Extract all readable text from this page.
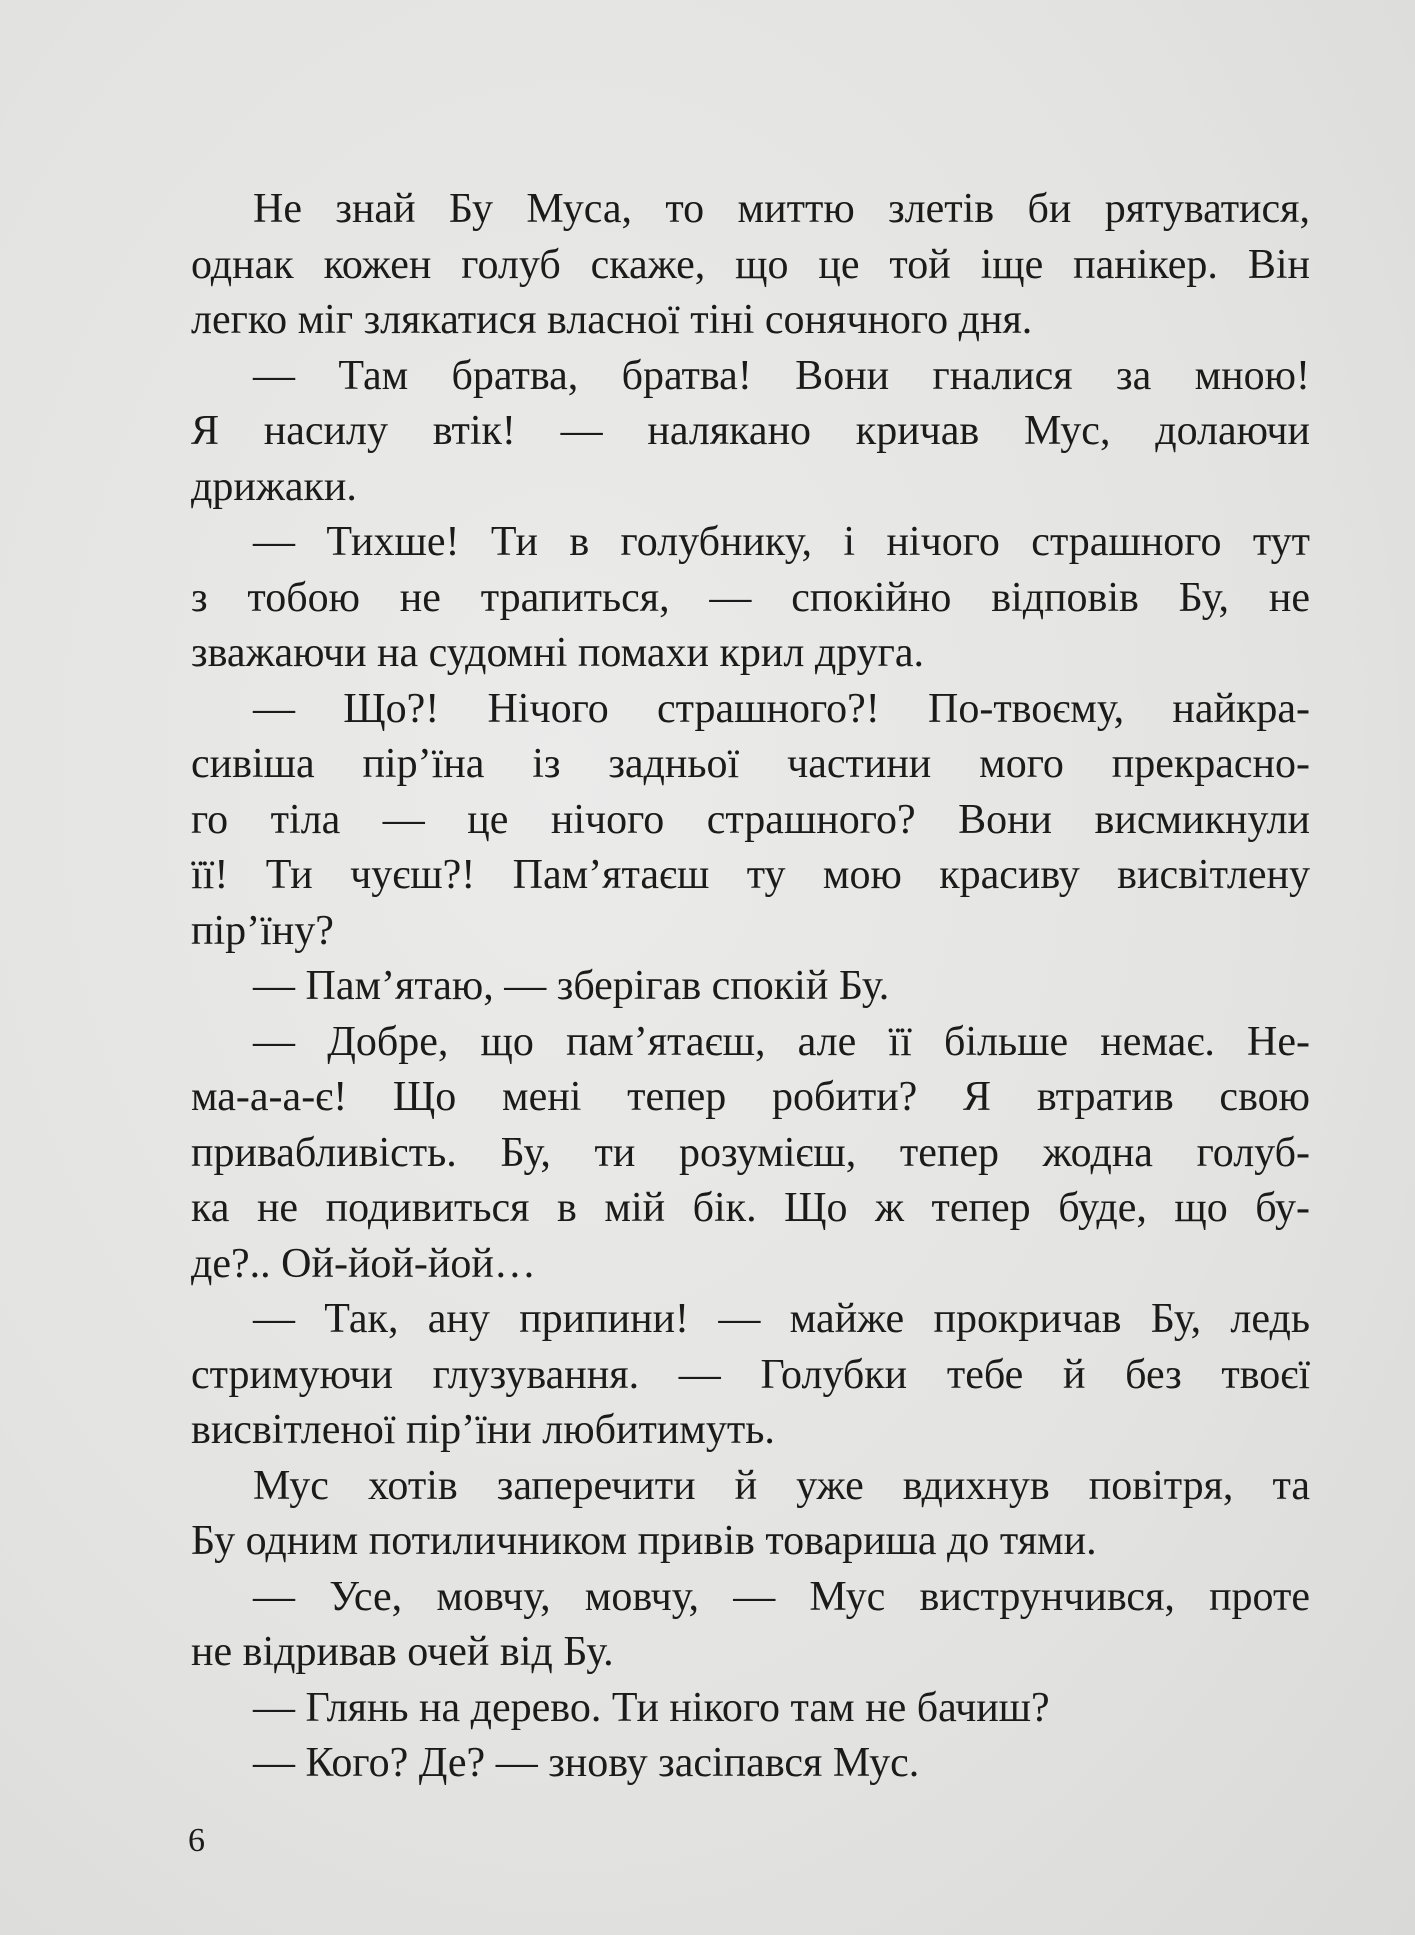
Не знай Бу Муса, то миттю злетів би рятуватися,
однак кожен голуб скаже, що це той іще панікер. Він
легко міг злякатися власної тіні сонячного дня.
— Там братва, братва! Вони гналися за мною!
Я насилу втік! — налякано кричав Мус, долаючи
дрижаки.
— Тихше! Ти в голубнику, і нічого страшного тут
з тобою не трапиться, — спокійно відповів Бу, не
зважаючи на судомні помахи крил друга.
— Що?! Нічого страшного?! По-твоєму, найкра-
сивіша пір’їна із задньої частини мого прекрасно-
го тіла — це нічого страшного? Вони висмикнули
її! Ти чуєш?! Пам’ятаєш ту мою красиву висвітлену
пір’їну?
— Пам’ятаю, — зберігав спокій Бу.
— Добре, що пам’ятаєш, але її більше немає. Не-
ма-а-а-є! Що мені тепер робити? Я втратив свою
привабливість. Бу, ти розумієш, тепер жодна голуб-
ка не подивиться в мій бік. Що ж тепер буде, що бу-
де?.. Ой-йой-йой…
— Так, ану припини! — майже прокричав Бу, ледь
стримуючи глузування. — Голубки тебе й без твоєї
висвітленої пір’їни любитимуть.
Мус хотів заперечити й уже вдихнув повітря, та
Бу одним потиличником привів товариша до тями.
— Усе, мовчу, мовчу, — Мус виструнчився, проте
не відривав очей від Бу.
— Глянь на дерево. Ти нікого там не бачиш?
— Кого? Де? — знову засіпався Мус.
6
